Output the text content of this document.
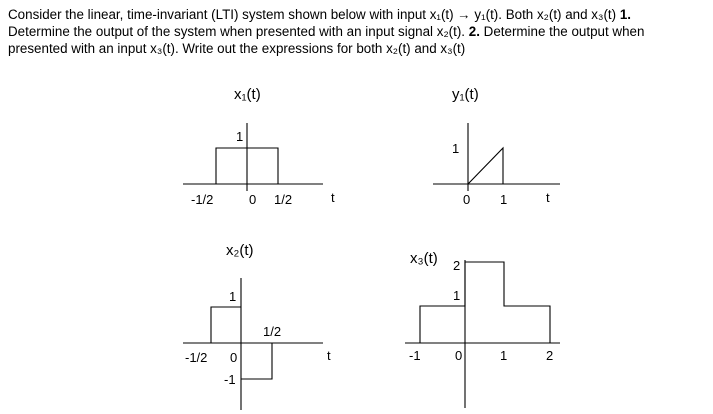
Consider the linear, time-invariant (LTI) system shown below with input x₁(t) → y₁(t). Both x₂(t) and x₃(t) 1.
Determine the output of the system when presented with an input signal x₂(t). 2. Determine the output when
presented with an input x₃(t). Write out the expressions for both x₂(t) and x₃(t)

x₁(t)
1
-1/2	0 1/2	t
y₁(t)
1
0 1	t
x₂(t)
1
1/2
-1/2 0
-1
t
x₃(t) 2
1
-1	0	1	2
